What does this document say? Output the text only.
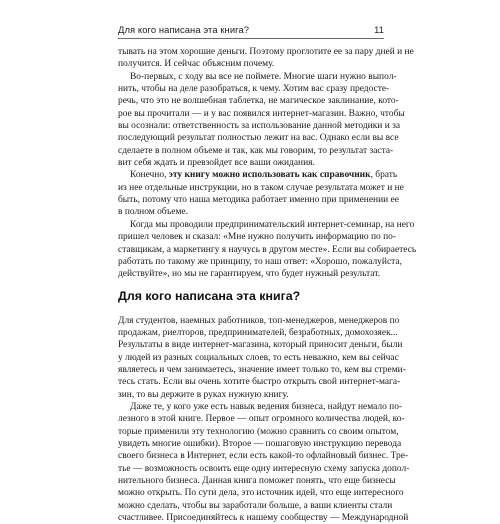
Для кого написана эта книга?	11
тывать на этом хорошие деньги. Поэтому проглотите ее за пару дней и не
получится. И сейчас объясним почему.
Во-первых, с ходу вы все не поймете. Многие шаги нужно выпол-
нить, чтобы на деле разобраться, к чему. Хотим вас сразу предосте-
речь, что это не волшебная таблетка, не магическое заклинание, кото-
рое вы прочитали — и у вас появился интернет-магазин. Важно, чтобы
вы осознали: ответственность за использование данной методики и за
последующий результат полностью лежит на вас. Однако если вы все
сделаете в полном объеме и так, как мы говорим, то результат заста-
вит себя ждать и превзойдет все ваши ожидания.
Конечно, эту книгу можно использовать как справочник, брать
из нее отдельные инструкции, но в таком случае результата может и не
быть, потому что наша методика работает именно при применении ее
в полном объеме.
Когда мы проводили предпринимательский интернет-семинар, на него
пришел человек и сказал: «Мне нужно получить информацию по по-
ставщикам, а маркетингу я научусь в другом месте». Если вы собираетесь
работать по такому же принципу, то наш ответ: «Хорошо, пожалуйста,
действуйте», но мы не гарантируем, что будет нужный результат.
Для кого написана эта книга?
Для студентов, наемных работников, топ-менеджеров, менеджеров по
продажам, риелторов, предпринимателей, безработных, домохозяек...
Результаты в виде интернет-магазина, который приносит деньги, были
у людей из разных социальных слоев, то есть неважно, кем вы сейчас
являетесь и чем занимаетесь, значение имеет только то, кем вы стреми-
тесь стать. Если вы очень хотите быстро открыть свой интернет-мага-
зин, то вы держите в руках нужную книгу.
Даже те, у кого уже есть навык ведения бизнеса, найдут немало по-
лезного в этой книге. Первое — опыт огромного количества людей, ко-
торые применили эту технологию (можно сравнить со своим опытом,
увидеть многие ошибки). Второе — пошаговую инструкцию перевода
своего бизнеса в Интернет, если есть какой-то офлайновый бизнес. Тре-
тье — возможность освоить еще одну интересную схему запуска допол-
нительного бизнеса. Данная книга поможет понять, что еще бизнесы
можно открыть. По сути дела, это источник идей, что еще интересного
можно сделать, чтобы вы заработали больше, а ваши клиенты стали
счастливее. Присоединяйтесь к нашему сообществу — Международной
